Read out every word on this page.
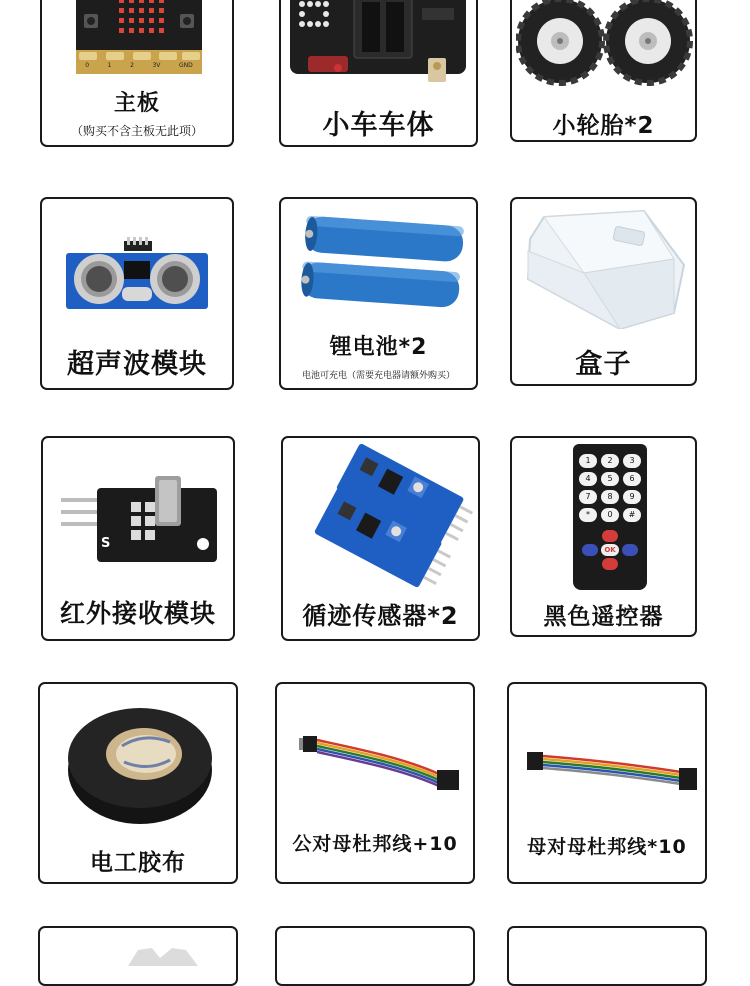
0	1	2	3V	GND
主板
（购买不含主板无此项）	小车车体	小轮胎*2
超声波模块
锂电池*2
电池可充电（需要充电器请额外购买）	盒子
S
红外接收模块	循迹传感器*2
1	2	3
4	5	6
7	8	9
*	0	#
OK
黑色遥控器
电工胶布
公对母杜邦线+10	母对母杜邦线*10
